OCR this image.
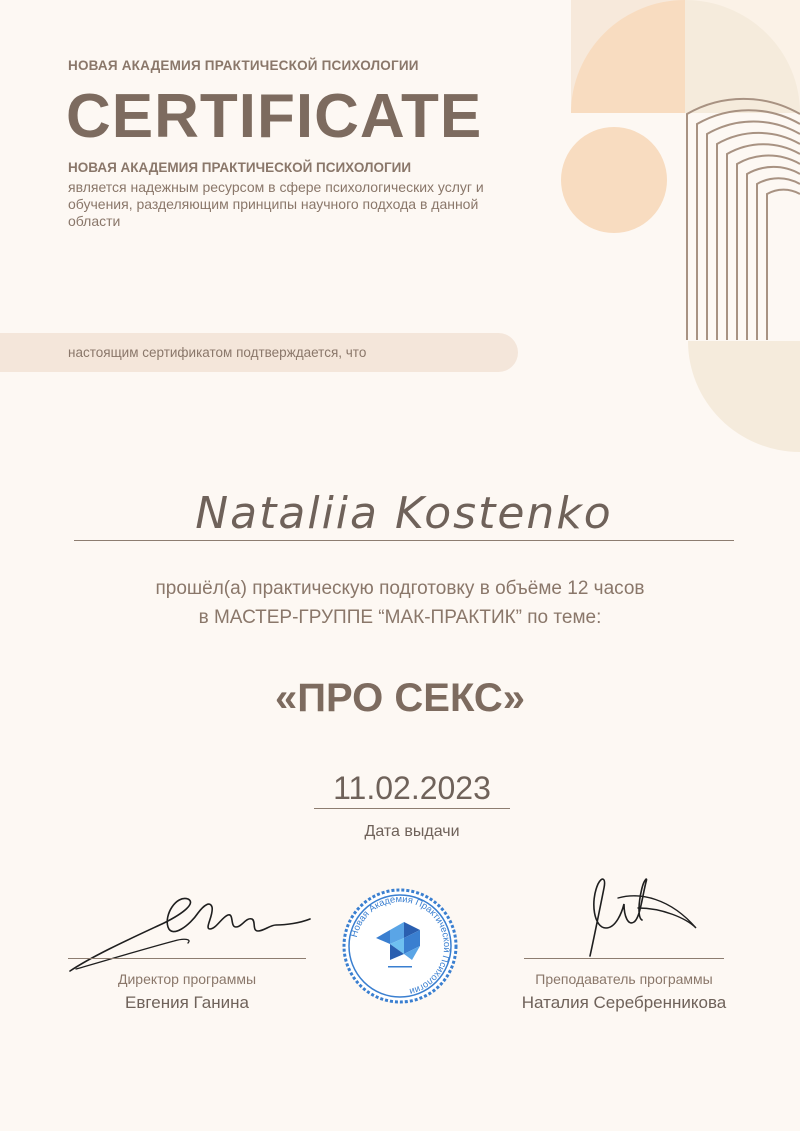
НОВАЯ АКАДЕМИЯ ПРАКТИЧЕСКОЙ ПСИХОЛОГИИ
CERTIFICATE
НОВАЯ АКАДЕМИЯ ПРАКТИЧЕСКОЙ ПСИХОЛОГИИ
является надежным ресурсом в сфере психологических услуг и обучения, разделяющим принципы научного подхода в данной области
настоящим сертификатом подтверждается, что
Nataliia Kostenko
прошёл(а) практическую подготовку в объёме 12 часов
в МАСТЕР-ГРУППЕ “МАК-ПРАКТИК” по теме:
«ПРО СЕКС»
11.02.2023
Дата выдачи
Директор программы
Евгения Ганина
Преподаватель программы
Наталия Серебренникова
Новая Академия Практической Психологии
